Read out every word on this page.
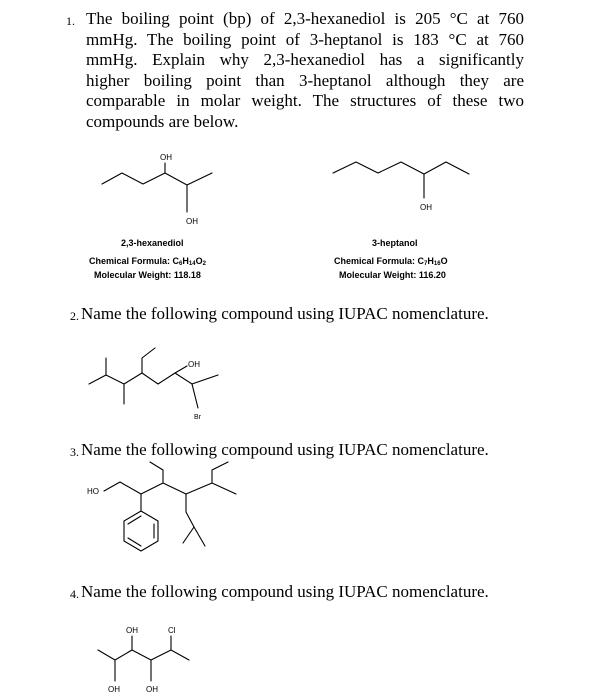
1. The boiling point (bp) of 2,3-hexanediol is 205 °C at 760
mmHg. The boiling point of 3-heptanol is 183 °C at 760
mmHg. Explain why 2,3-hexanediol has a significantly
higher boiling point than 3-heptanol although they are
comparable in molar weight. The structures of these two
compounds are below.
OH
OH
2,3-hexanediol
Chemical Formula: $C_6H_{14}O_2$
Molecular Weight: 118.18
OH
3-heptanol
Chemical Formula: $C_7H_{16}O$
Molecular Weight: 116.20
2. Name the following compound using IUPAC nomenclature.
OH
Br
3. Name the following compound using IUPAC nomenclature.
HO
4. Name the following compound using IUPAC nomenclature.
OH	Cl
OH	OH
